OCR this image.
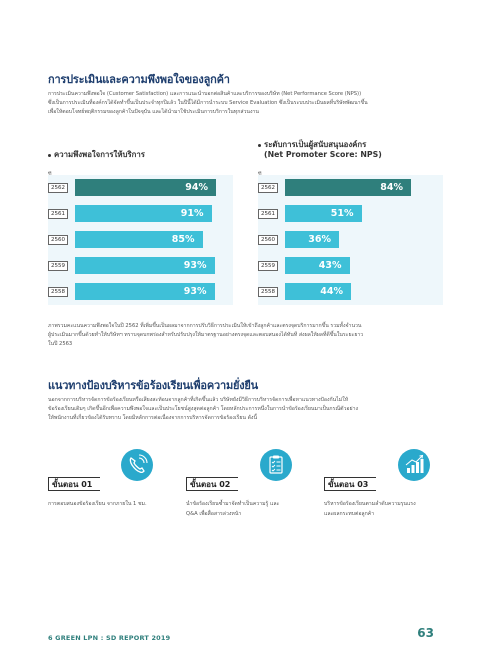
การประเมินและความพึงพอใจของลูกค้า
การประเมินความพึงพอใจ (Customer Satisfaction) และการแนะนำบอกต่อสินค้าและบริการของบริษัท (Net Performance Score (NPS))
ซึ่งเป็นการประเมินที่องค์กรได้จัดทำขึ้นเป็นประจำทุกปีแล้ว ในปีนี้ได้มีการนำระบบ Service Evaluation ซึ่งเป็นระบบประเมินผลที่บริษัทพัฒนาขึ้น
เพื่อให้ตอบโจทย์พฤติกรรมของลูกค้าในปัจจุบัน และได้นำมาใช้ประเมินการบริการในทุกส่วนงาน
ความพึงพอใจการให้บริการ
2562	94%
2561	91%
2560	85%
2559	93%
2558	93%
ระดับการเป็นผู้สนับสนุนองค์กร
(Net Promoter Score: NPS)
2562	84%
2561	51%
2560	36%
2559	43%
2558	44%
ภาพรวมคะแนนความพึงพอใจในปี 2562 ที่เพิ่มขึ้นเป็นผลมาจากการปรับวิธีการประเมินให้เข้าถึงลูกค้าและตรงจุดบริการมากขึ้น รวมทั้งจำนวน
ผู้ประเมินมากขึ้นด้วยทำให้บริษัทฯ ทราบจุดบกพร่องสำหรับปรับปรุงให้มาตรฐานอย่างตรงจุดและตอบสนองได้ทันที ส่งผลให้ผลที่ดีขึ้นในระยะยาว
ในปี 2563
แนวทางป้องบริหารข้อร้องเรียนเพื่อความยั่งยืน
นอกจากการบริหารจัดการข้อร้องเรียนหรือเสียงสะท้อนจากลูกค้าที่เกิดขึ้นแล้ว บริษัทยังมีวิธีการบริหารจัดการเพื่อหาแนวทางป้องกันไม่ให้
ข้อร้องเรียนเดิมๆ เกิดขึ้นอีกเพื่อความพึงพอใจและเป็นประโยชน์สูงสุดต่อลูกค้า โดยหลักประการหนึ่งในการนำข้อร้องเรียนมาเป็นกรณีตัวอย่าง
ให้พนักงานที่เกี่ยวข้องได้รับทราบ โดยมีหลักการต่อเนื่องจากการบริหารจัดการข้อร้องเรียน ดังนี้
ขั้นตอน 01
การตอบสนองข้อร้องเรียน จากภายใน 1 ชม.
ขั้นตอน 02
นำข้อร้องเรียนซ้ำมาจัดทำเป็นความรู้ และ
Q&A เพื่อสื่อสารล่วงหน้า
ขั้นตอน 03
บริหารข้อร้องเรียนตามลำดับความรุนแรง
และผลกระทบต่อลูกค้า
6 GREEN LPN : SD REPORT 2019	63
